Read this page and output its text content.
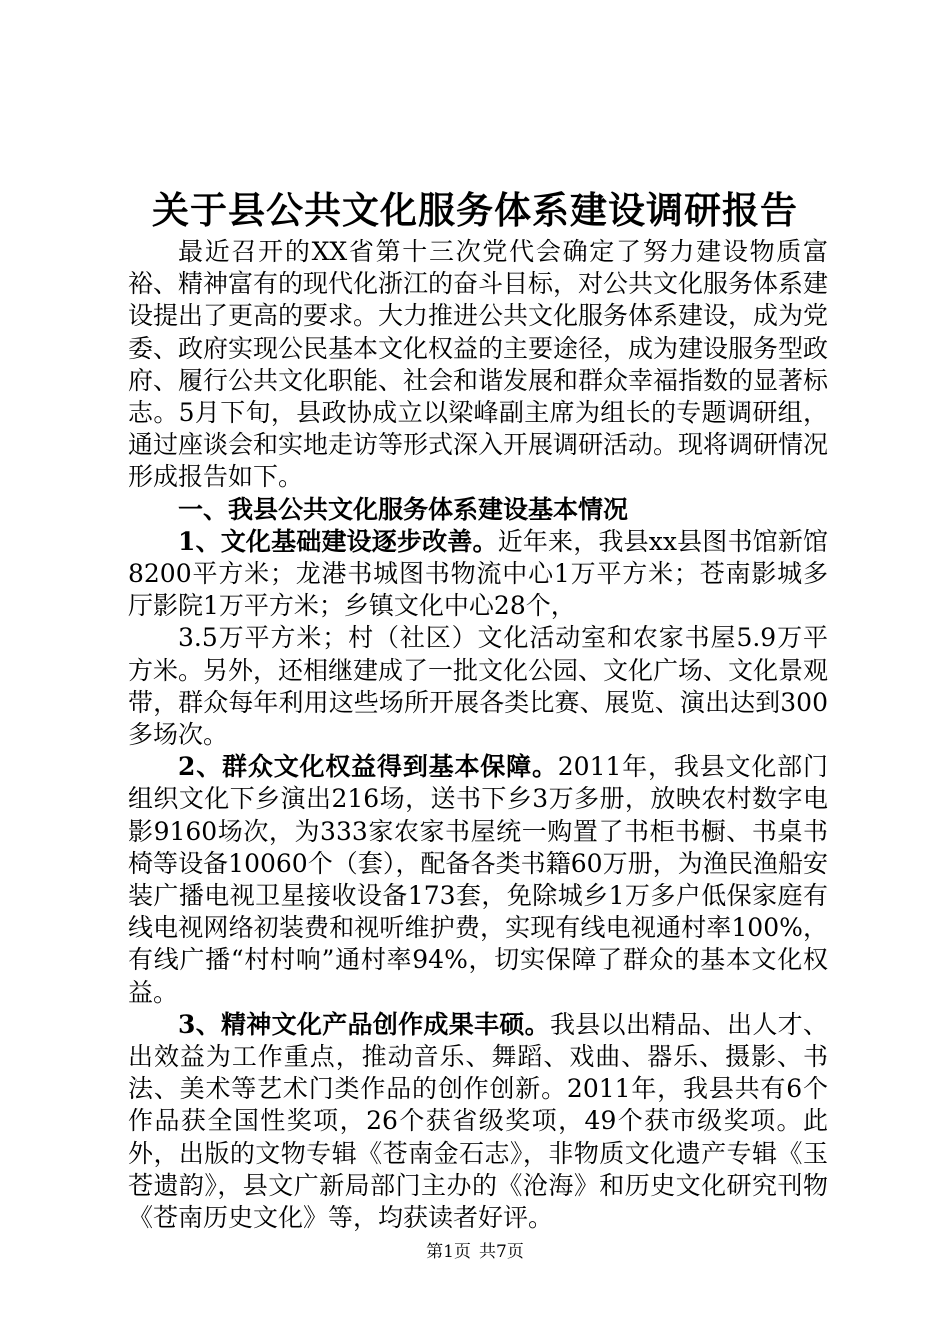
关于县公共文化服务体系建设调研报告

最近召开的XX省第十三次党代会确定了努力建设物质富裕、精神富有的现代化浙江的奋斗目标，对公共文化服务体系建设提出了更高的要求。大力推进公共文化服务体系建设，成为党委、政府实现公民基本文化权益的主要途径，成为建设服务型政府、履行公共文化职能、社会和谐发展和群众幸福指数的显著标志。5月下旬，县政协成立以梁峰副主席为组长的专题调研组，通过座谈会和实地走访等形式深入开展调研活动。现将调研情况形成报告如下。

一、我县公共文化服务体系建设基本情况

1、文化基础建设逐步改善。近年来，我县xx县图书馆新馆8200平方米；龙港书城图书物流中心1万平方米；苍南影城多厅影院1万平方米；乡镇文化中心28个，

3.5万平方米；村（社区）文化活动室和农家书屋5.9万平方米。另外，还相继建成了一批文化公园、文化广场、文化景观带，群众每年利用这些场所开展各类比赛、展览、演出达到300多场次。

2、群众文化权益得到基本保障。2011年，我县文化部门组织文化下乡演出216场，送书下乡3万多册，放映农村数字电影9160场次，为333家农家书屋统一购置了书柜书橱、书桌书椅等设备10060个（套），配备各类书籍60万册，为渔民渔船安装广播电视卫星接收设备173套，免除城乡1万多户低保家庭有线电视网络初装费和视听维护费，实现有线电视通村率100%，有线广播“村村响”通村率94%，切实保障了群众的基本文化权益。

3、精神文化产品创作成果丰硕。我县以出精品、出人才、出效益为工作重点，推动音乐、舞蹈、戏曲、器乐、摄影、书法、美术等艺术门类作品的创作创新。2011年，我县共有6个作品获全国性奖项，26个获省级奖项，49个获市级奖项。此外，出版的文物专辑《苍南金石志》，非物质文化遗产专辑《玉苍遗韵》，县文广新局部门主办的《沧海》和历史文化研究刊物《苍南历史文化》等，均获读者好评。

第1页 共7页
